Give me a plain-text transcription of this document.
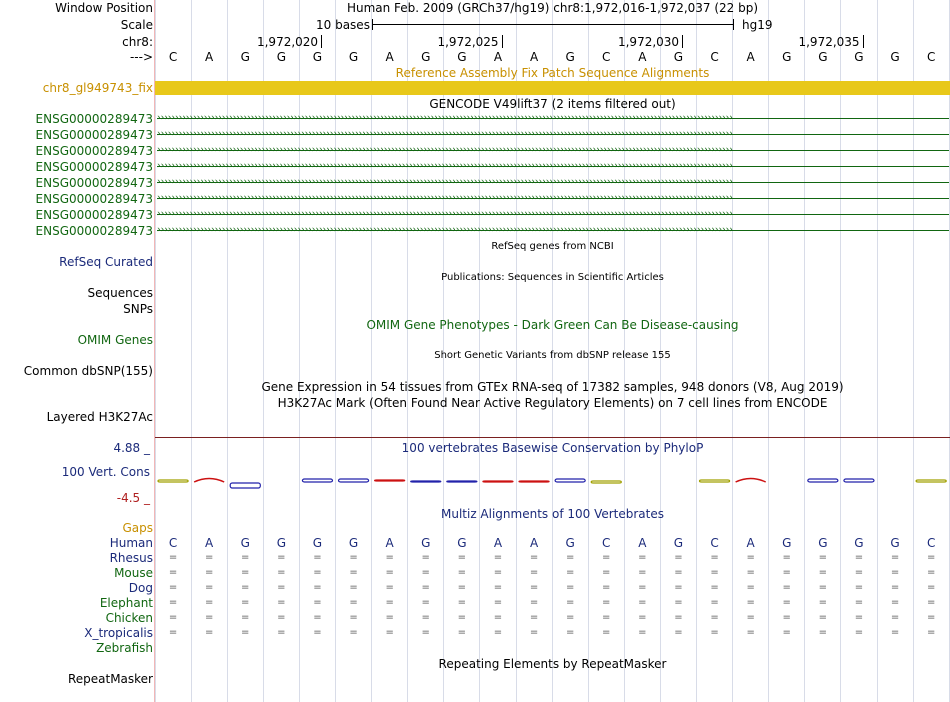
Window Position	Human Feb. 2009 (GRCh37/hg19) chr8:1,972,016-1,972,037 (22 bp)
Scale	10 bases	hg19
chr8:	1,972,020	1,972,025	1,972,030	1,972,035
--->	C	A	G	G	G	G	A	G	G	A	A	G	C	A	G	C	A	G	G	G	G	C
Reference Assembly Fix Patch Sequence Alignments
chr8_gl949743_fix
GENCODE V49lift37 (2 items filtered out)
ENSG00000289473 ››››››››››››››››››››››››››››››››››››››››››››››››››››››››››››››››››››››››››››››››››››››››››››››››››››››››››››››››››››››››››››››››››››››››››››››››››››››››››››››››
ENSG00000289473 ››››››››››››››››››››››››››››››››››››››››››››››››››››››››››››››››››››››››››››››››››››››››››››››››››››››››››››››››››››››››››››››››››››››››››››››››››››››››››››››››
ENSG00000289473 ››››››››››››››››››››››››››››››››››››››››››››››››››››››››››››››››››››››››››››››››››››››››››››››››››››››››››››››››››››››››››››››››››››››››››››››››››››››››››››››››
ENSG00000289473 ››››››››››››››››››››››››››››››››››››››››››››››››››››››››››››››››››››››››››››››››››››››››››››››››››››››››››››››››››››››››››››››››››››››››››››››››››››››››››››››››
ENSG00000289473 ››››››››››››››››››››››››››››››››››››››››››››››››››››››››››››››››››››››››››››››››››››››››››››››››››››››››››››››››››››››››››››››››››››››››››››››››››››››››››››››››
ENSG00000289473 ››››››››››››››››››››››››››››››››››››››››››››››››››››››››››››››››››››››››››››››››››››››››››››››››››››››››››››››››››››››››››››››››››››››››››››››››››››››››››››››››
ENSG00000289473 ››››››››››››››››››››››››››››››››››››››››››››››››››››››››››››››››››››››››››››››››››››››››››››››››››››››››››››››››››››››››››››››››››››››››››››››››››››››››››››››››
ENSG00000289473 ››››››››››››››››››››››››››››››››››››››››››››››››››››››››››››››››››››››››››››››››››››››››››››››››››››››››››››››››››››››››››››››››››››››››››››››››››››››››››››››››
RefSeq genes from NCBI
RefSeq Curated
Publications: Sequences in Scientific Articles
Sequences
SNPs
OMIM Gene Phenotypes - Dark Green Can Be Disease-causing
OMIM Genes
Short Genetic Variants from dbSNP release 155
Common dbSNP(155)
Gene Expression in 54 tissues from GTEx RNA-seq of 17382 samples, 948 donors (V8, Aug 2019)
H3K27Ac Mark (Often Found Near Active Regulatory Elements) on 7 cell lines from ENCODE
Layered H3K27Ac
100 vertebrates Basewise Conservation by PhyloP
4.88 _
100 Vert. Cons
-4.5 _
Multiz Alignments of 100 Vertebrates
Gaps
Human	C	A	G	G	G	G	A	G	G	A	A	G	C	A	G	C	A	G	G	G	G	C
Rhesus	=	=	=	=	=	=	=	=	=	=	=	=	=	=	=	=	=	=	=	=	=	=
Mouse	=	=	=	=	=	=	=	=	=	=	=	=	=	=	=	=	=	=	=	=	=	=
Dog	=	=	=	=	=	=	=	=	=	=	=	=	=	=	=	=	=	=	=	=	=	=
Elephant	=	=	=	=	=	=	=	=	=	=	=	=	=	=	=	=	=	=	=	=	=	=
Chicken	=	=	=	=	=	=	=	=	=	=	=	=	=	=	=	=	=	=	=	=	=	=
X_tropicalis	=	=	=	=	=	=	=	=	=	=	=	=	=	=	=	=	=	=	=	=	=	=
Zebrafish
Repeating Elements by RepeatMasker
RepeatMasker
